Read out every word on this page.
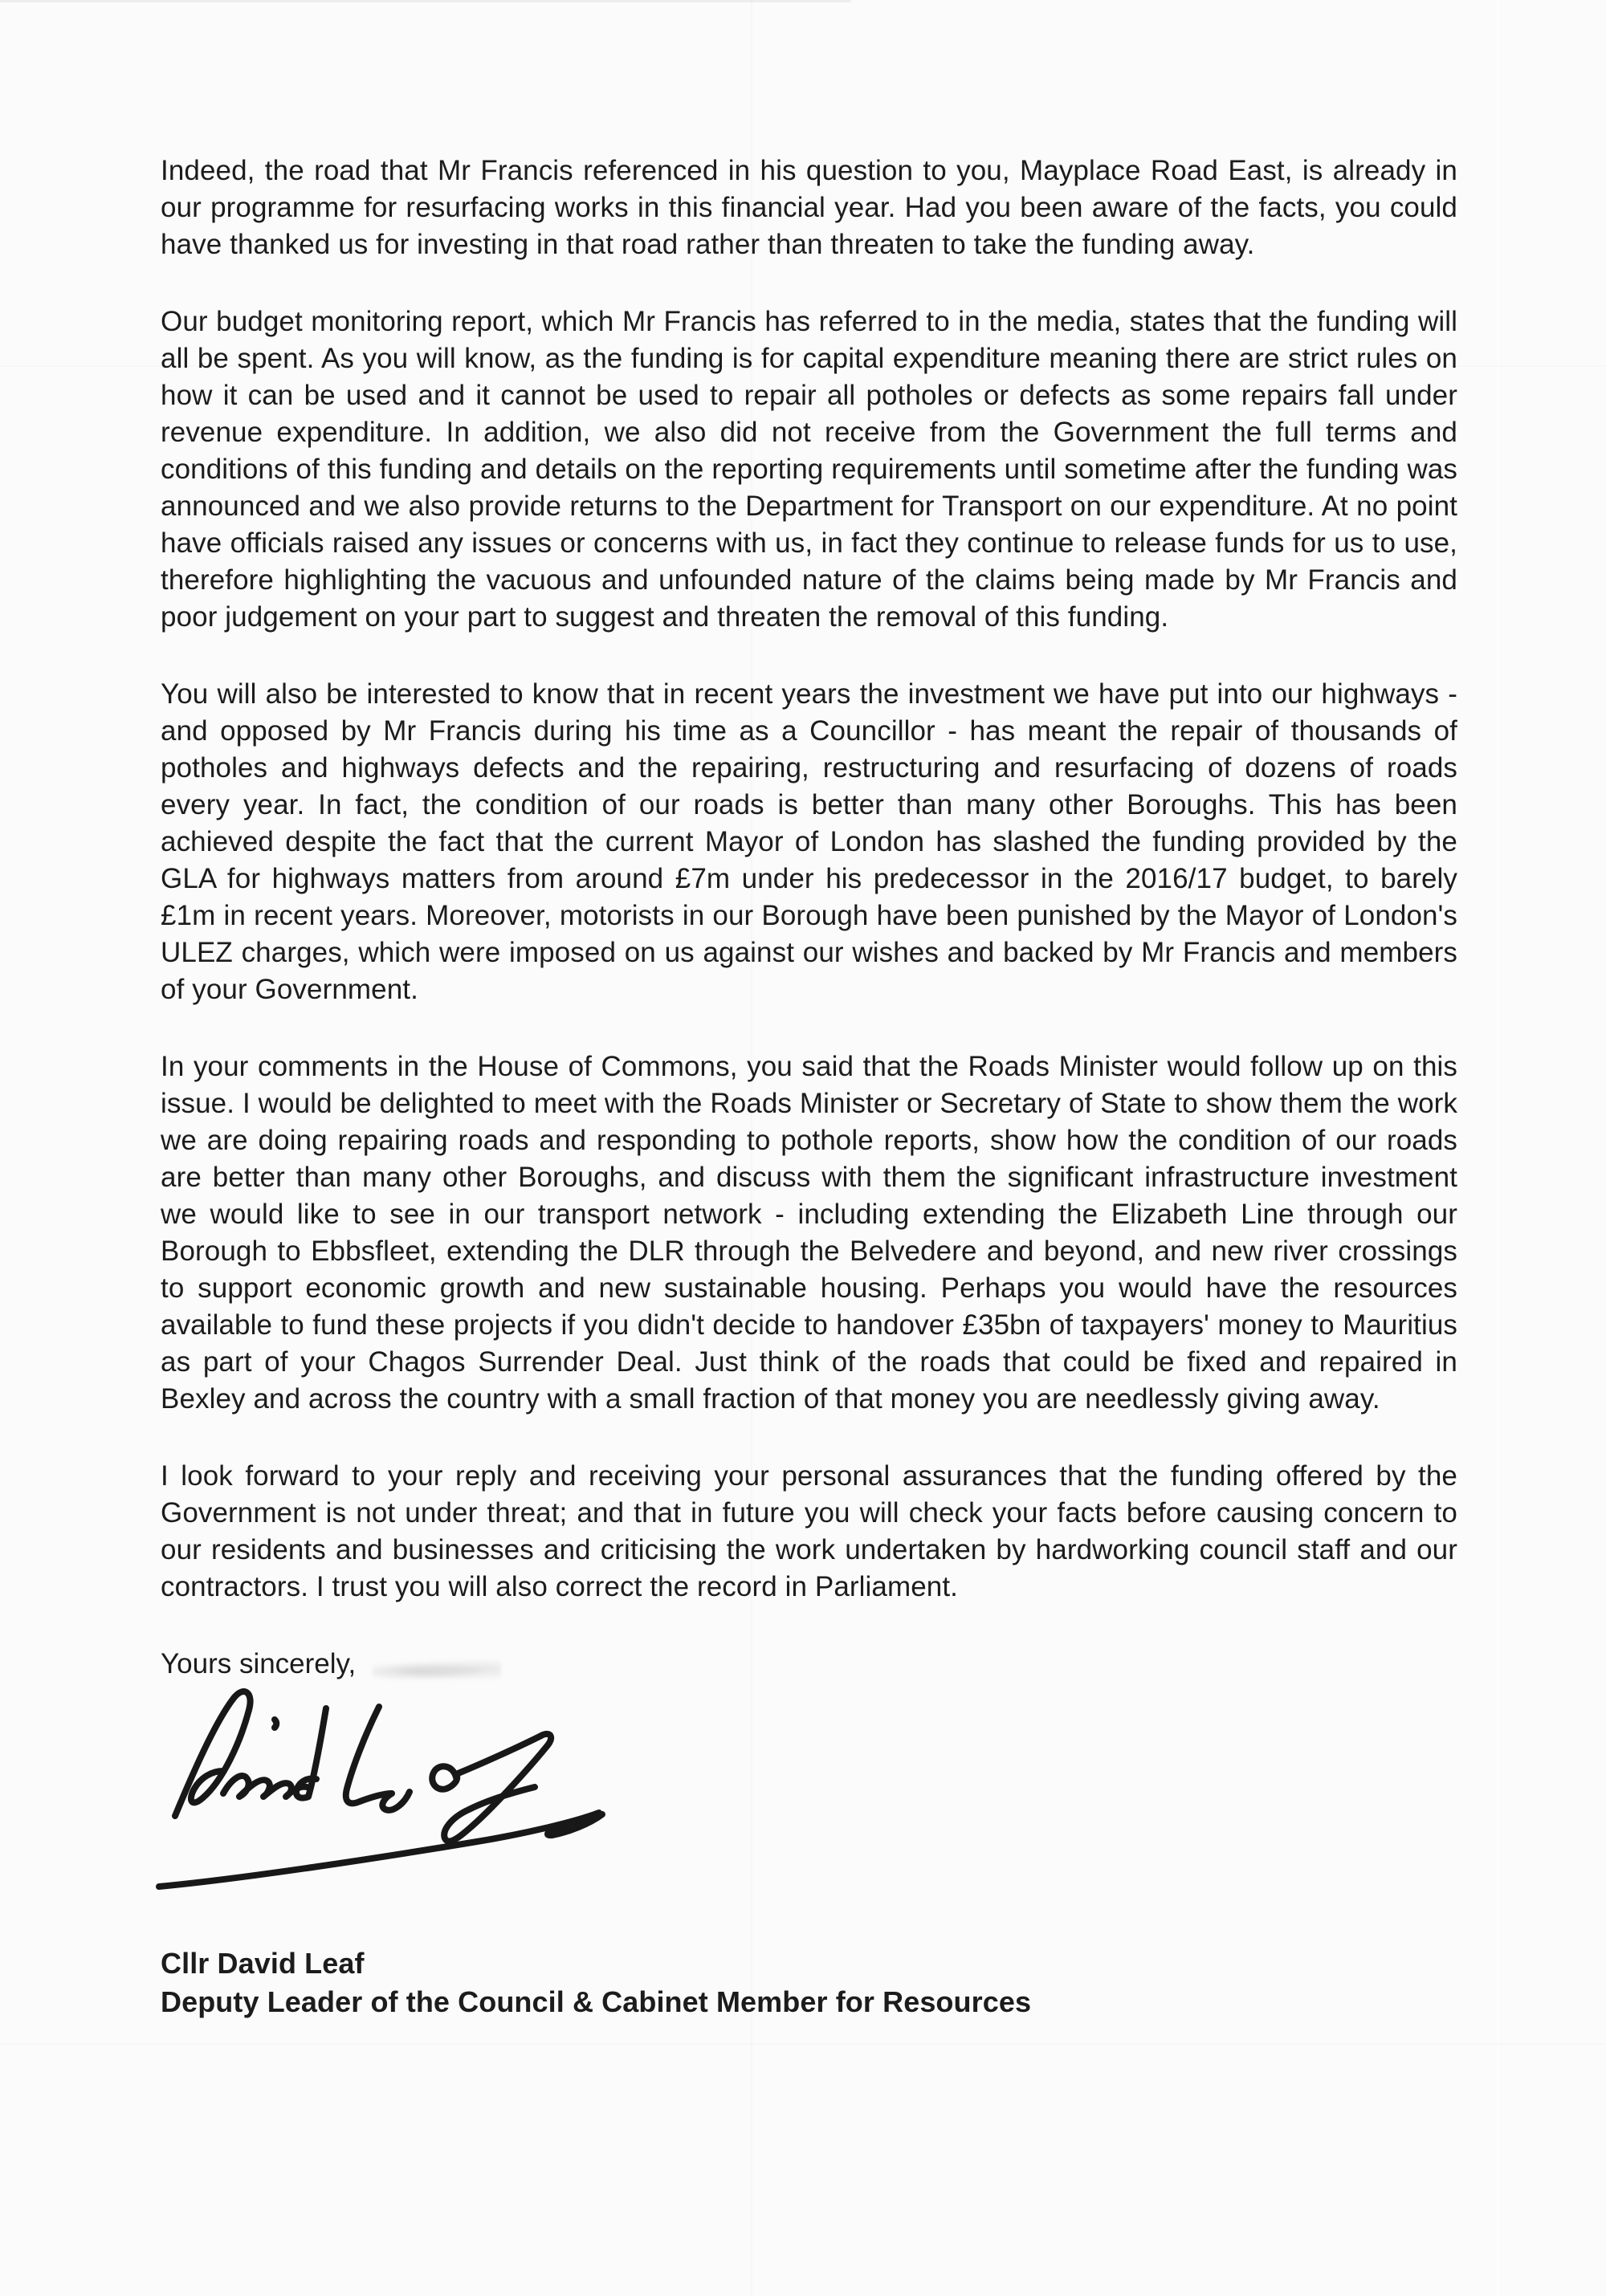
Indeed, the road that Mr Francis referenced in his question to you, Mayplace Road East, is already in our programme for resurfacing works in this financial year. Had you been aware of the facts, you could have thanked us for investing in that road rather than threaten to take the funding away.

Our budget monitoring report, which Mr Francis has referred to in the media, states that the funding will all be spent. As you will know, as the funding is for capital expenditure meaning there are strict rules on how it can be used and it cannot be used to repair all potholes or defects as some repairs fall under revenue expenditure. In addition, we also did not receive from the Government the full terms and conditions of this funding and details on the reporting requirements until sometime after the funding was announced and we also provide returns to the Department for Transport on our expenditure. At no point have officials raised any issues or concerns with us, in fact they continue to release funds for us to use, therefore highlighting the vacuous and unfounded nature of the claims being made by Mr Francis and poor judgement on your part to suggest and threaten the removal of this funding.

You will also be interested to know that in recent years the investment we have put into our highways - and opposed by Mr Francis during his time as a Councillor - has meant the repair of thousands of potholes and highways defects and the repairing, restructuring and resurfacing of dozens of roads every year. In fact, the condition of our roads is better than many other Boroughs. This has been achieved despite the fact that the current Mayor of London has slashed the funding provided by the GLA for highways matters from around £7m under his predecessor in the 2016/17 budget, to barely £1m in recent years. Moreover, motorists in our Borough have been punished by the Mayor of London's ULEZ charges, which were imposed on us against our wishes and backed by Mr Francis and members of your Government.

In your comments in the House of Commons, you said that the Roads Minister would follow up on this issue. I would be delighted to meet with the Roads Minister or Secretary of State to show them the work we are doing repairing roads and responding to pothole reports, show how the condition of our roads are better than many other Boroughs, and discuss with them the significant infrastructure investment we would like to see in our transport network - including extending the Elizabeth Line through our Borough to Ebbsfleet, extending the DLR through the Belvedere and beyond, and new river crossings to support economic growth and new sustainable housing. Perhaps you would have the resources available to fund these projects if you didn't decide to handover £35bn of taxpayers' money to Mauritius as part of your Chagos Surrender Deal. Just think of the roads that could be fixed and repaired in Bexley and across the country with a small fraction of that money you are needlessly giving away.

I look forward to your reply and receiving your personal assurances that the funding offered by the Government is not under threat; and that in future you will check your facts before causing concern to our residents and businesses and criticising the work undertaken by hardworking council staff and our contractors. I trust you will also correct the record in Parliament.

Yours sincerely,

Cllr David Leaf

Deputy Leader of the Council & Cabinet Member for Resources
